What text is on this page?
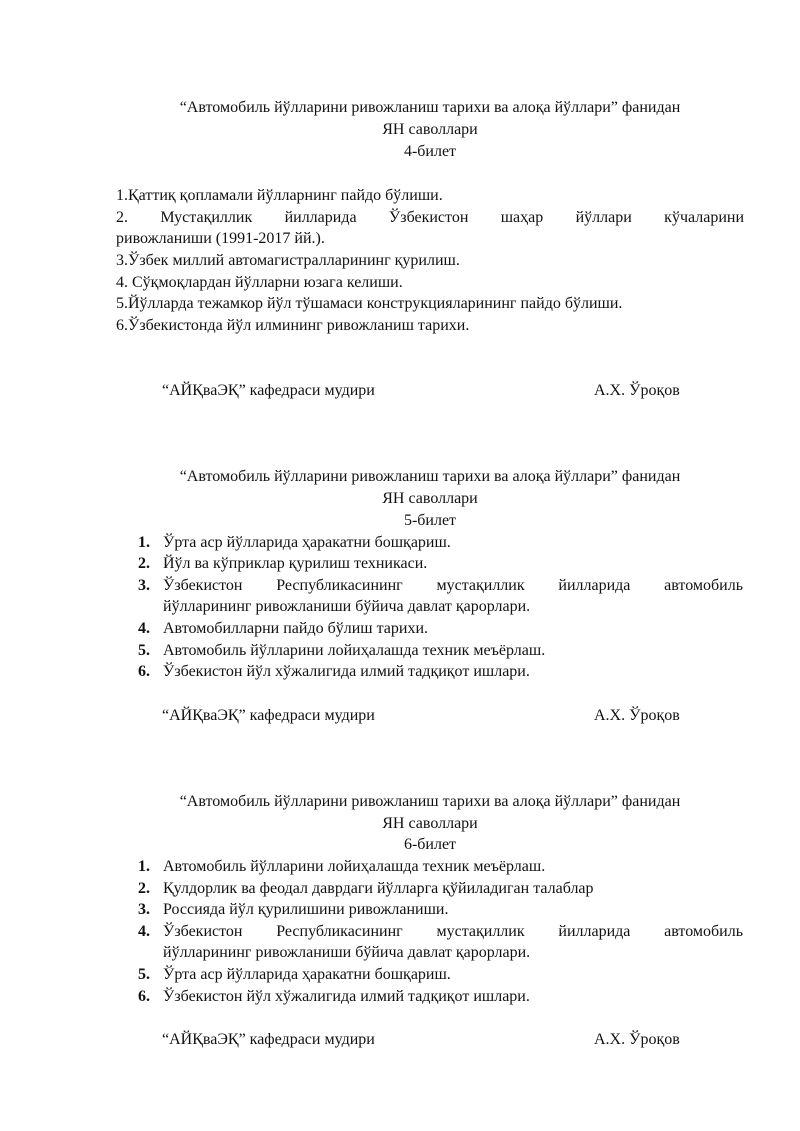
“Автомобиль йўлларини ривожланиш тарихи ва алоқа йўллари” фанидан
ЯН саволлари
4-билет
1.Қаттиқ қопламали йўлларнинг пайдо бўлиши.
2. Мустақиллик йилларида Ўзбекистон шаҳар йўллари кўчаларини
ривожланиши (1991-2017 йй.).
3.Ўзбек миллий автомагистралларининг қурилиш.
4. Сўқмоқлардан йўлларни юзага келиши.
5.Йўлларда тежамкор йўл тўшамаси конструкцияларининг пайдо бўлиши.
6.Ўзбекистонда йўл илмининг ривожланиш тарихи.
“АЙҚваЭҚ” кафедраси мудири	А.Х. Ўроқов
“Автомобиль йўлларини ривожланиш тарихи ва алоқа йўллари” фанидан
ЯН саволлари
5-билет
1. Ўрта аср йўлларида ҳаракатни бошқариш.
2. Йўл ва кўприклар қурилиш техникаси.
3. Ўзбекистон Республикасининг мустақиллик йилларида автомобиль
йўлларининг ривожланиши бўйича давлат қарорлари.
4. Автомобилларни пайдо бўлиш тарихи.
5. Автомобиль йўлларини лойиҳалашда техник меъёрлаш.
6. Ўзбекистон йўл хўжалигида илмий тадқиқот ишлари.
“АЙҚваЭҚ” кафедраси мудири	А.Х. Ўроқов
“Автомобиль йўлларини ривожланиш тарихи ва алоқа йўллари” фанидан
ЯН саволлари
6-билет
1. Автомобиль йўлларини лойиҳалашда техник меъёрлаш.
2. Қулдорлик ва феодал даврдаги йўлларга қўйиладиган талаблар
3. Россияда йўл қурилишини ривожланиши.
4. Ўзбекистон Республикасининг мустақиллик йилларида автомобиль
йўлларининг ривожланиши бўйича давлат қарорлари.
5. Ўрта аср йўлларида ҳаракатни бошқариш.
6. Ўзбекистон йўл хўжалигида илмий тадқиқот ишлари.
“АЙҚваЭҚ” кафедраси мудири	А.Х. Ўроқов
